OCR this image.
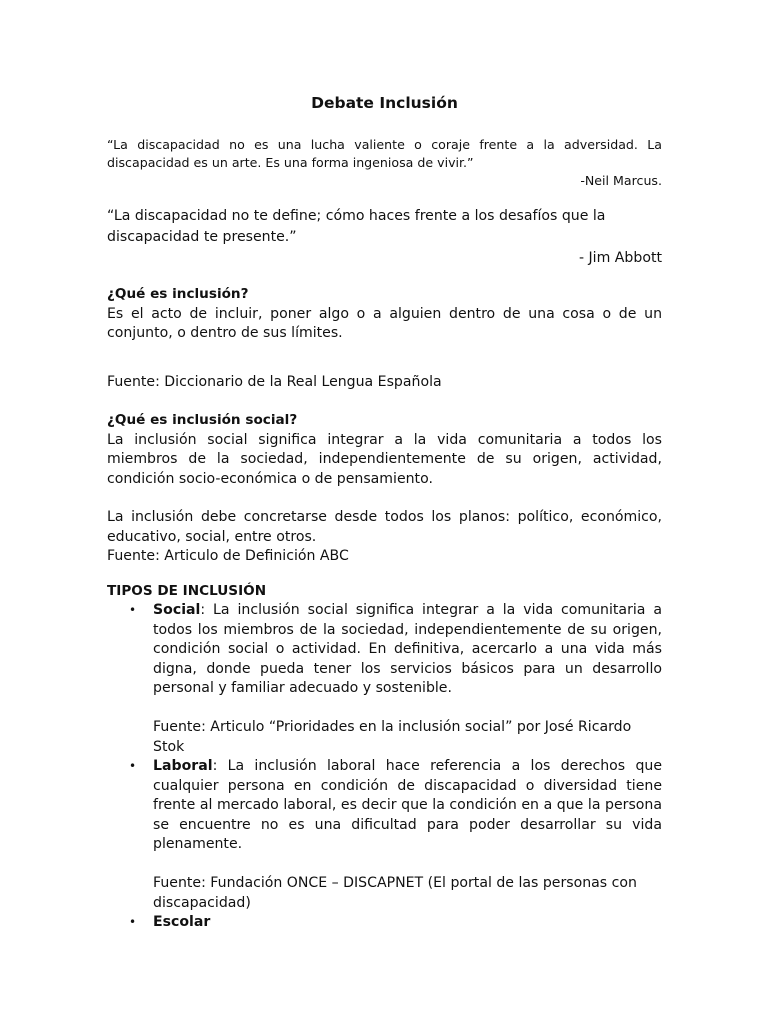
Debate Inclusión
“La discapacidad no es una lucha valiente o coraje frente a la adversidad. La discapacidad es un arte. Es una forma ingeniosa de vivir.”
-Neil Marcus.
“La discapacidad no te define; cómo haces frente a los desafíos que la discapacidad te presente.”
- Jim Abbott
¿Qué es inclusión?
Es el acto de incluir, poner algo o a alguien dentro de una cosa o de un conjunto, o dentro de sus límites.
Fuente: Diccionario de la Real Lengua Española
¿Qué es inclusión social?
La inclusión social significa integrar a la vida comunitaria a todos los miembros de la sociedad, independientemente de su origen, actividad, condición socio-económica o de pensamiento.
La inclusión debe concretarse desde todos los planos: político, económico, educativo, social, entre otros.
Fuente: Articulo de Definición ABC
TIPOS DE INCLUSIÓN
• Social: La inclusión social significa integrar a la vida comunitaria a todos los miembros de la sociedad, independientemente de su origen, condición social o actividad. En definitiva, acercarlo a una vida más digna, donde pueda tener los servicios básicos para un desarrollo personal y familiar adecuado y sostenible.
Fuente: Articulo “Prioridades en la inclusión social” por José Ricardo Stok
• Laboral: La inclusión laboral hace referencia a los derechos que cualquier persona en condición de discapacidad o diversidad tiene frente al mercado laboral, es decir que la condición en a que la persona se encuentre no es una dificultad para poder desarrollar su vida plenamente.
Fuente: Fundación ONCE – DISCAPNET (El portal de las personas con discapacidad)
• Escolar
